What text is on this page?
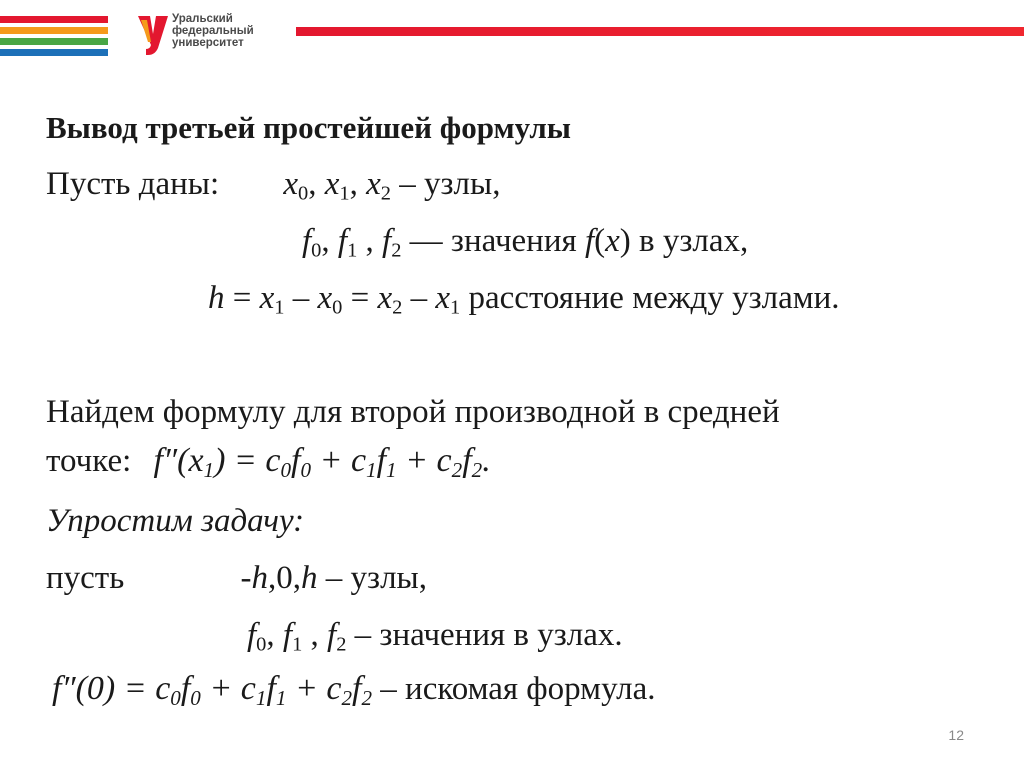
Уральский
федеральный
университет
Вывод третьей простейшей формулы
Пусть даны: $x_0$, $x_1$, $x_2$ – узлы,
$f_0$, $f_1$ , $f_2$ — значения f(x) в узлах,
$h = x_1 - x_0 = x_2 - x_1$ расстояние между узлами.
Найдем формулу для второй производной в средней
точке: $f''(x_1) = c_0f_0 + c_1f_1 + c_2f_2$.
Упростим задачу:
пусть	-h,0,h – узлы,
$f_0$, $f_1$ , $f_2$ – значения в узлах.
$f''(0) = c_0f_0 + c_1f_1 + c_2f_2$ – искомая формула.
12
